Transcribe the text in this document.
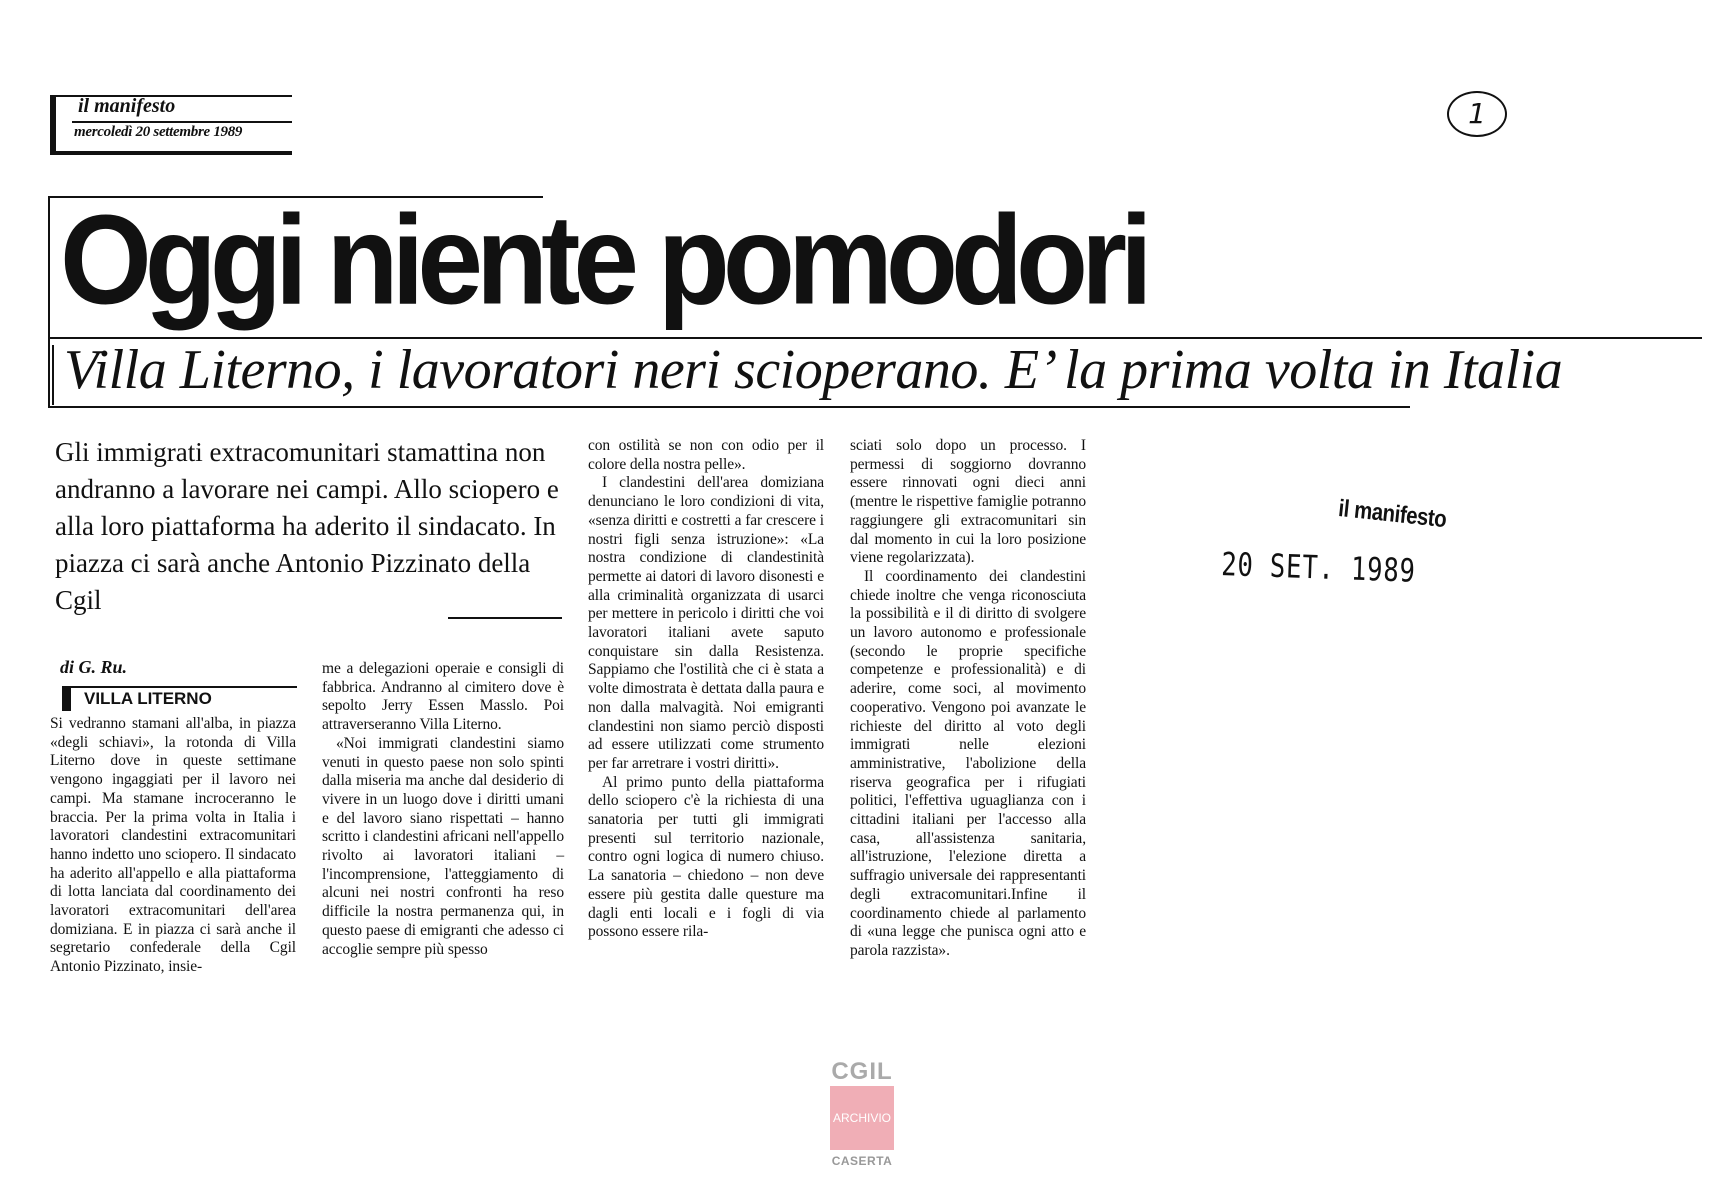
il manifesto
mercoledì 20 settembre 1989
1
Oggi niente pomodori
Villa Literno, i lavoratori neri scioperano. E’ la prima volta in Italia

Gli immigrati extracomunitari stamattina non andranno a lavorare nei campi. Allo sciopero e alla loro piattaforma ha aderito il sindacato. In piazza ci sarà anche Antonio Pizzinato della Cgil

di G. Ru.
VILLA LITERNO

Si vedranno stamani all'alba, in piazza «degli schiavi», la rotonda di Villa Literno dove in queste settimane vengono ingaggiati per il lavoro nei campi. Ma stamane incroceranno le braccia. Per la prima volta in Italia i lavoratori clandestini extracomunitari hanno indetto uno sciopero. Il sindacato ha aderito all'appello e alla piattaforma di lotta lanciata dal coordinamento dei lavoratori extracomunitari dell'area domiziana. E in piazza ci sarà anche il segretario confederale della Cgil Antonio Pizzinato, insie-

me a delegazioni operaie e consigli di fabbrica. Andranno al cimitero dove è sepolto Jerry Essen Masslo. Poi attraverseranno Villa Literno.

«Noi immigrati clandestini siamo venuti in questo paese non solo spinti dalla miseria ma anche dal desiderio di vivere in un luogo dove i diritti umani e del lavoro siano rispettati – hanno scritto i clandestini africani nell'appello rivolto ai lavoratori italiani – l'incomprensione, l'atteggiamento di alcuni nei nostri confronti ha reso difficile la nostra permanenza qui, in questo paese di emigranti che adesso ci accoglie sempre più spesso

con ostilità se non con odio per il colore della nostra pelle».

I clandestini dell'area domiziana denunciano le loro condizioni di vita, «senza diritti e costretti a far crescere i nostri figli senza istruzione»: «La nostra condizione di clandestinità permette ai datori di lavoro disonesti e alla criminalità organizzata di usarci per mettere in pericolo i diritti che voi lavoratori italiani avete saputo conquistare sin dalla Resistenza. Sappiamo che l'ostilità che ci è stata a volte dimostrata è dettata dalla paura e non dalla malvagità. Noi emigranti clandestini non siamo perciò disposti ad essere utilizzati come strumento per far arretrare i vostri diritti».

Al primo punto della piattaforma dello sciopero c'è la richiesta di una sanatoria per tutti gli immigrati presenti sul territorio nazionale, contro ogni logica di numero chiuso. La sanatoria – chiedono – non deve essere più gestita dalle questure ma dagli enti locali e i fogli di via possono essere rila-

sciati solo dopo un processo. I permessi di soggiorno dovranno essere rinnovati ogni dieci anni (mentre le rispettive famiglie potranno raggiungere gli extracomunitari sin dal momento in cui la loro posizione viene regolarizzata).

Il coordinamento dei clandestini chiede inoltre che venga riconosciuta la possibilità e il di diritto di svolgere un lavoro autonomo e professionale (secondo le proprie specifiche competenze e professionalità) e di aderire, come soci, al movimento cooperativo. Vengono poi avanzate le richieste del diritto al voto degli immigrati nelle elezioni amministrative, l'abolizione della riserva geografica per i rifugiati politici, l'effettiva uguaglianza con i cittadini italiani per l'accesso alla casa, all'assistenza sanitaria, all'istruzione, l'elezione diretta a suffragio universale dei rappresentanti degli extracomunitari.Infine il coordinamento chiede al parlamento di «una legge che punisca ogni atto e parola razzista».

il manifesto
20 SET. 1989
CGIL
ARCHIVIO
CASERTA
